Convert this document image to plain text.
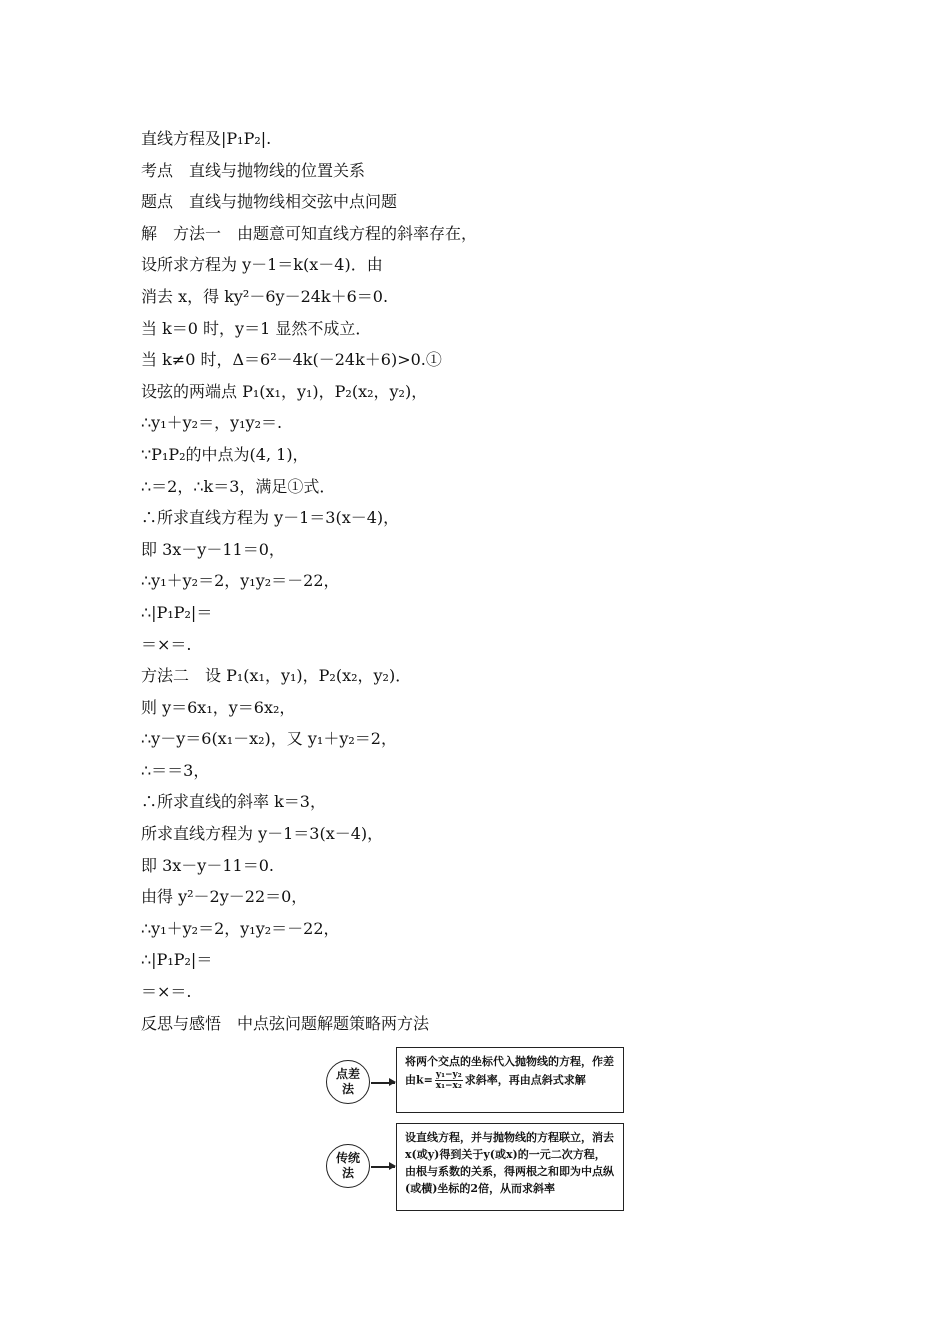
直线方程及|P₁P₂|.
考点　直线与抛物线的位置关系
题点　直线与抛物线相交弦中点问题
解　方法一　由题意可知直线方程的斜率存在，
设所求方程为 y－1＝k(x－4)．由
消去 x，得 ky²－6y－24k＋6＝0.
当 k＝0 时，y＝1 显然不成立．
当 k≠0 时，Δ＝6²－4k(－24k＋6)>0.①
设弦的两端点 P₁(x₁，y₁)，P₂(x₂，y₂)，
∴y₁＋y₂＝，y₁y₂＝.
∵P₁P₂的中点为(4, 1)，
∴＝2，∴k＝3，满足①式．
∴所求直线方程为 y－1＝3(x－4)，
即 3x－y－11＝0，
∴y₁＋y₂＝2，y₁y₂＝－22，
∴|P₁P₂|＝
＝×＝.
方法二　设 P₁(x₁，y₁)，P₂(x₂，y₂)．
则 y＝6x₁，y＝6x₂，
∴y－y＝6(x₁－x₂)，又 y₁＋y₂＝2，
∴＝＝3，
∴所求直线的斜率 k＝3，
所求直线方程为 y－1＝3(x－4)，
即 3x－y－11＝0.
由得 y²－2y－22＝0，
∴y₁＋y₂＝2，y₁y₂＝－22，
∴|P₁P₂|＝
＝×＝.
反思与感悟　中点弦问题解题策略两方法
点差法
将两个交点的坐标代入抛物线的方程，作差由$k= \frac{\text{y₁−y₂}}{\text{x₁−x₂}}$ 求斜率，再由点斜式求解
传统法
设直线方程，并与抛物线的方程联立，消去x(或y)得到关于y(或x)的一元二次方程，由根与系数的关系，得两根之和即为中点纵(或横)坐标的2倍，从而求斜率
